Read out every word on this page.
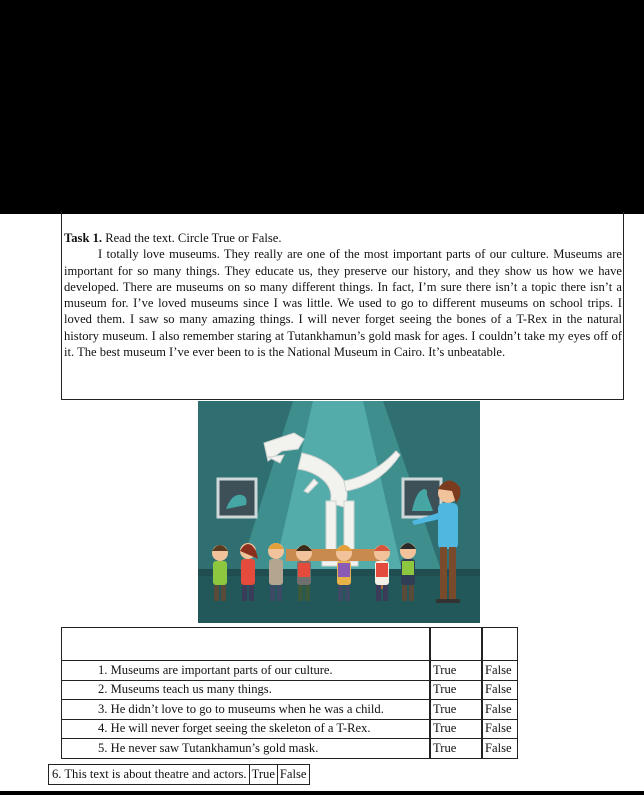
Task 1. Read the text. Circle True or False.

I totally love museums. They really are one of the most important parts of our culture. Museums are important for so many things. They educate us, they preserve our history, and they show us how we have developed. There are museums on so many different things. In fact, I’m sure there isn’t a topic there isn’t a museum for. I’ve loved museums since I was little. We used to go to different museums on school trips. I loved them. I saw so many amazing things. I will never forget seeing the bones of a T-Rex in the natural history museum. I also remember staring at Tutankhamun’s gold mask for ages. I couldn’t take my eyes off of it. The best museum I’ve ever been to is the National Museum in Cairo. It’s unbeatable.

1. Museums are important parts of our culture.		True		False
2. Museums teach us many things.		True		False
3. He didn’t love to go to museums when he was a child.		True		False
4. He will never forget seeing the skeleton of a T-Rex.		True		False
5. He never saw Tutankhamun’s gold mask.		True		False
6. This text is about theatre and actors. True False
